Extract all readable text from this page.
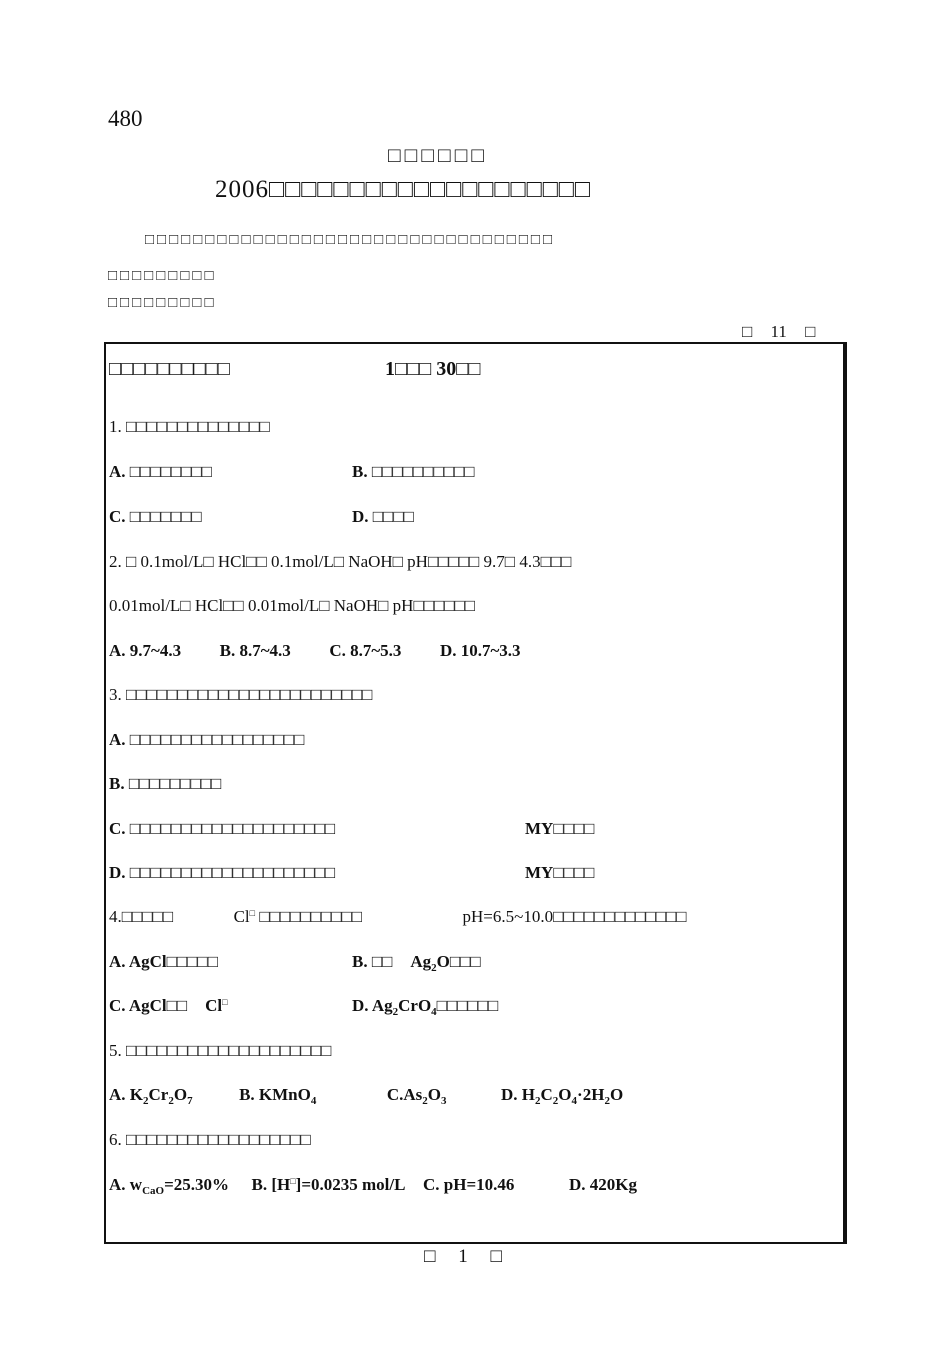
480
□□□□□□
2006□□□□□□□□□□□□□□□□□□□□
□□□□□□□□□□□□□□□□□□□□□□□□□□□□□□□□□□
□□□□□□□□□
□□□□□□□□□
□ 11 □
□□□□□□□□□□	1□□□ 30□□
1. □□□□□□□□□□□□□□
A. □□□□□□□□	B. □□□□□□□□□□
C. □□□□□□□	D. □□□□
2. □ 0.1mol/L□ HCl□□ 0.1mol/L□ NaOH□ pH□□□□□ 9.7□ 4.3□□□
0.01mol/L□ HCl□□ 0.01mol/L□ NaOH□ pH□□□□□□
A. 9.7~4.3 B. 8.7~4.3 C. 8.7~5.3 D. 10.7~3.3
3. □□□□□□□□□□□□□□□□□□□□□□□□
A. □□□□□□□□□□□□□□□□□
B. □□□□□□□□□
C. □□□□□□□□□□□□□□□□□□□□	MY□□□□
D. □□□□□□□□□□□□□□□□□□□□	MY□□□□
4.□□□□□	Cl□ □□□□□□□□□□	pH=6.5~10.0□□□□□□□□□□□□□
A. AgCl□□□□□	B. □□ $Ag_2O□□□$
C. AgCl□□ Cl□	D. $Ag_2CrO_4□□□□□□$
5. □□□□□□□□□□□□□□□□□□□□
A. $K_2Cr_2O_7$	B. KMnO$_4$	$C.As_2O_3$	D. $H_2C_2O_4\cdot 2H_2O$
6. □□□□□□□□□□□□□□□□□□
A. $w_{CaO}=25.30\%$ B. [H□]=0.0235 mol/L C. pH=10.46	D. 420Kg
□ 1 □
